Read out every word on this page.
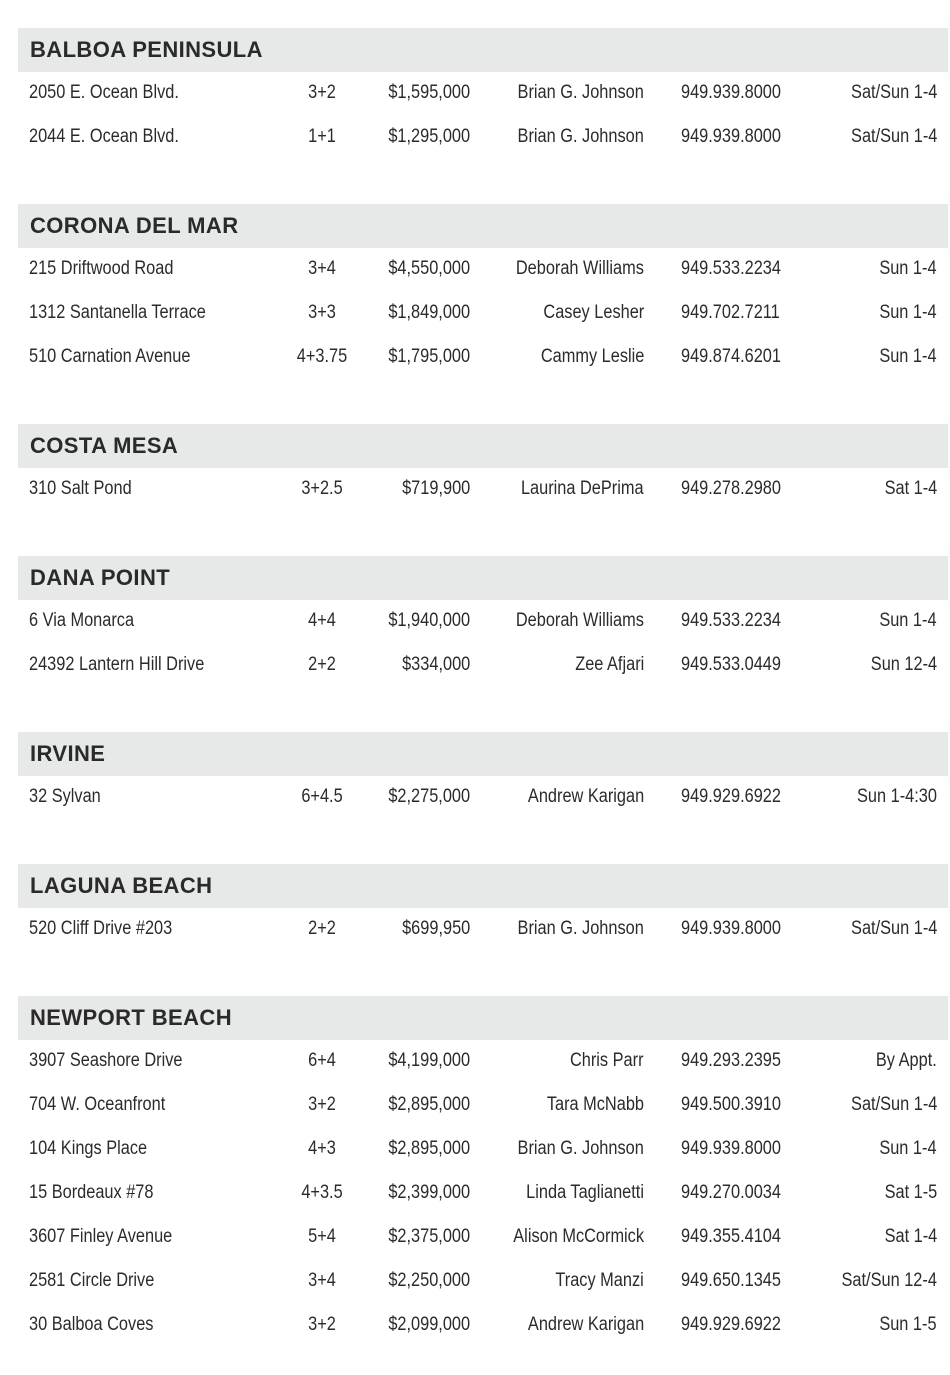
BALBOA PENINSULA
2050 E. Ocean Blvd.	3+2	$1,595,000	Brian G. Johnson 949.939.8000	Sat/Sun 1-4
2044 E. Ocean Blvd.	1+1	$1,295,000	Brian G. Johnson 949.939.8000	Sat/Sun 1-4
CORONA DEL MAR
215 Driftwood Road	3+4	$4,550,000 Deborah Williams 949.533.2234	Sun 1-4
1312 Santanella Terrace	3+3	$1,849,000	Casey Lesher 949.702.7211	Sun 1-4
510 Carnation Avenue	4+3.75	$1,795,000	Cammy Leslie 949.874.6201	Sun 1-4
COSTA MESA
310 Salt Pond	3+2.5	$719,900	Laurina DePrima 949.278.2980	Sat 1-4
DANA POINT
6 Via Monarca	4+4	$1,940,000 Deborah Williams 949.533.2234	Sun 1-4
24392 Lantern Hill Drive	2+2	$334,000	Zee Afjari 949.533.0449	Sun 12-4
IRVINE
32 Sylvan	6+4.5	$2,275,000	Andrew Karigan 949.929.6922	Sun 1-4:30
LAGUNA BEACH
520 Cliff Drive #203	2+2	$699,950	Brian G. Johnson 949.939.8000	Sat/Sun 1-4
NEWPORT BEACH
3907 Seashore Drive	6+4	$4,199,000	Chris Parr 949.293.2395	By Appt.
704 W. Oceanfront	3+2	$2,895,000	Tara McNabb 949.500.3910	Sat/Sun 1-4
104 Kings Place	4+3	$2,895,000	Brian G. Johnson 949.939.8000	Sun 1-4
15 Bordeaux #78	4+3.5	$2,399,000	Linda Taglianetti 949.270.0034	Sat 1-5
3607 Finley Avenue	5+4	$2,375,000 Alison McCormick 949.355.4104	Sat 1-4
2581 Circle Drive	3+4	$2,250,000	Tracy Manzi 949.650.1345	Sat/Sun 12-4
30 Balboa Coves	3+2	$2,099,000	Andrew Karigan 949.929.6922	Sun 1-5
